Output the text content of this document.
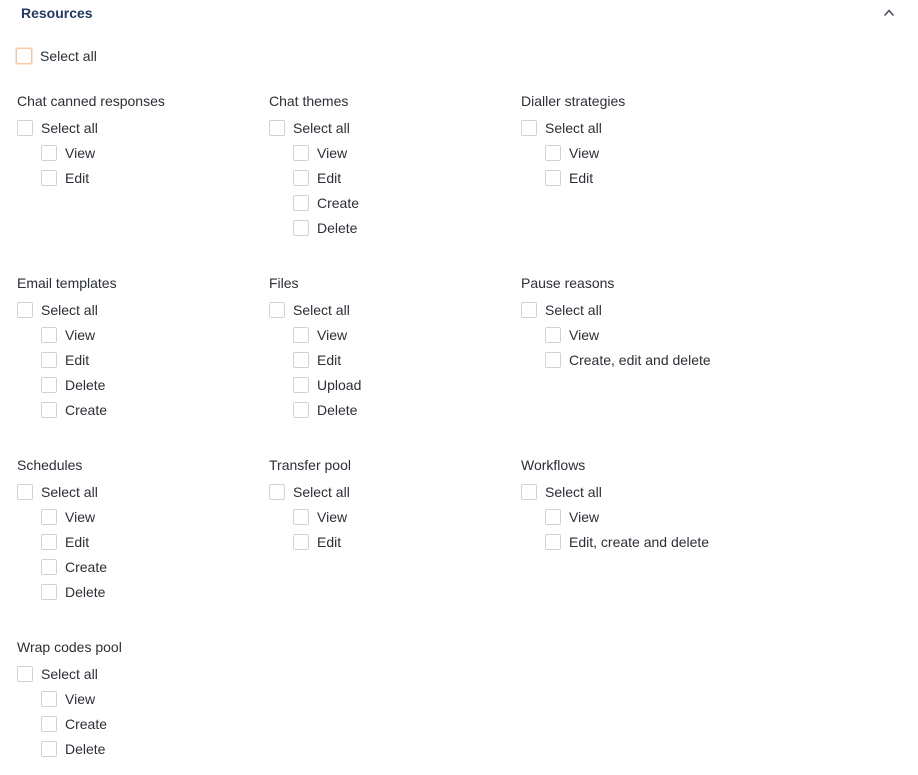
Resources
Select all
Chat canned responses
Select all
View
Edit
Chat themes
Select all
View
Edit
Create
Delete
Dialler strategies
Select all
View
Edit
Email templates
Select all
View
Edit
Delete
Create
Files
Select all
View
Edit
Upload
Delete
Pause reasons
Select all
View
Create, edit and delete
Schedules
Select all
View
Edit
Create
Delete
Transfer pool
Select all
View
Edit
Workflows
Select all
View
Edit, create and delete
Wrap codes pool
Select all
View
Create
Delete
